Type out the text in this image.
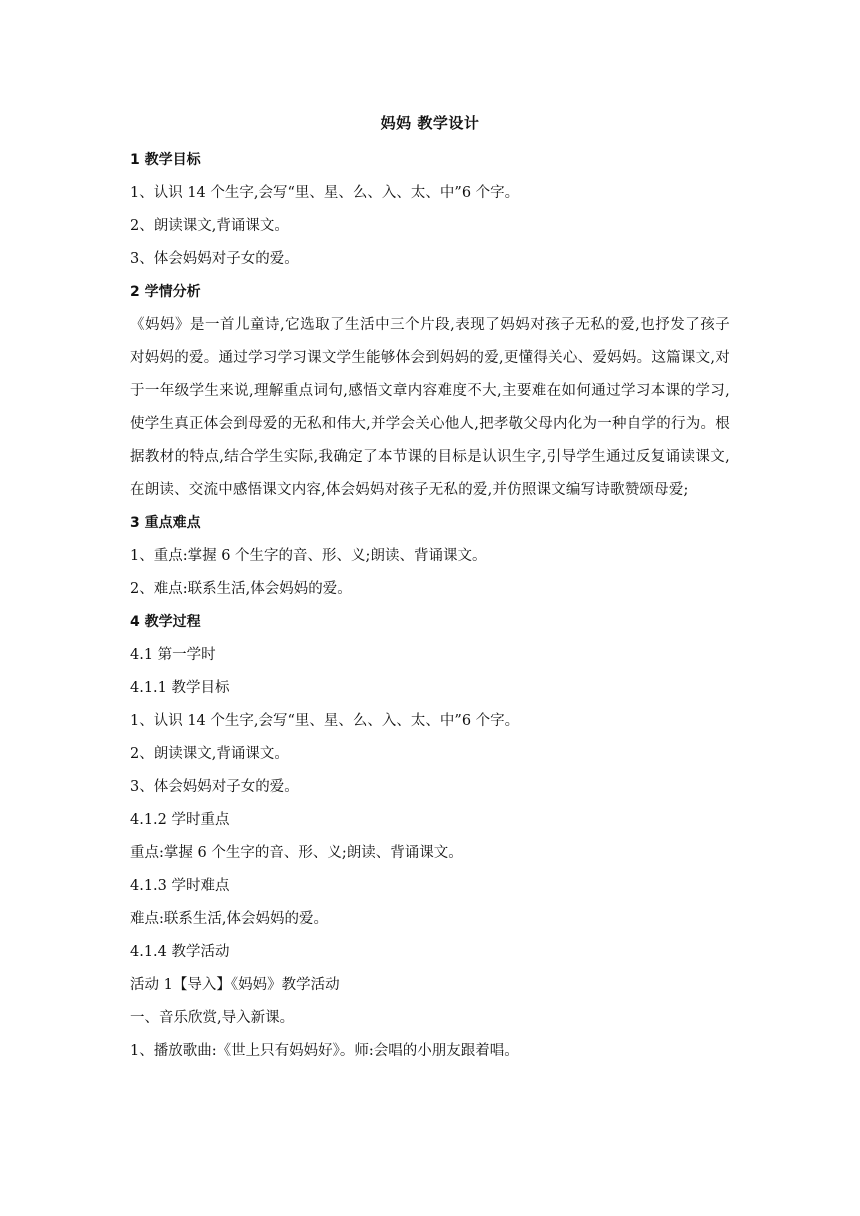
妈妈 教学设计
1 教学目标
1、认识 14 个生字,会写“里、星、么、入、太、中”6 个字。
2、朗读课文,背诵课文。
3、体会妈妈对子女的爱。
2 学情分析
《妈妈》是一首儿童诗,它选取了生活中三个片段,表现了妈妈对孩子无私的爱,也抒发了孩子对妈妈的爱。通过学习学习课文学生能够体会到妈妈的爱,更懂得关心、爱妈妈。这篇课文,对于一年级学生来说,理解重点词句,感悟文章内容难度不大,主要难在如何通过学习本课的学习,使学生真正体会到母爱的无私和伟大,并学会关心他人,把孝敬父母内化为一种自学的行为。根据教材的特点,结合学生实际,我确定了本节课的目标是认识生字,引导学生通过反复诵读课文,在朗读、交流中感悟课文内容,体会妈妈对孩子无私的爱,并仿照课文编写诗歌赞颂母爱;
3 重点难点
1、重点:掌握 6 个生字的音、形、义;朗读、背诵课文。
2、难点:联系生活,体会妈妈的爱。
4 教学过程
4.1 第一学时
4.1.1 教学目标
1、认识 14 个生字,会写“里、星、么、入、太、中”6 个字。
2、朗读课文,背诵课文。
3、体会妈妈对子女的爱。
4.1.2 学时重点
重点:掌握 6 个生字的音、形、义;朗读、背诵课文。
4.1.3 学时难点
难点:联系生活,体会妈妈的爱。
4.1.4 教学活动
活动 1【导入】《妈妈》教学活动
一、音乐欣赏,导入新课。
1、播放歌曲:《世上只有妈妈好》。师:会唱的小朋友跟着唱。
